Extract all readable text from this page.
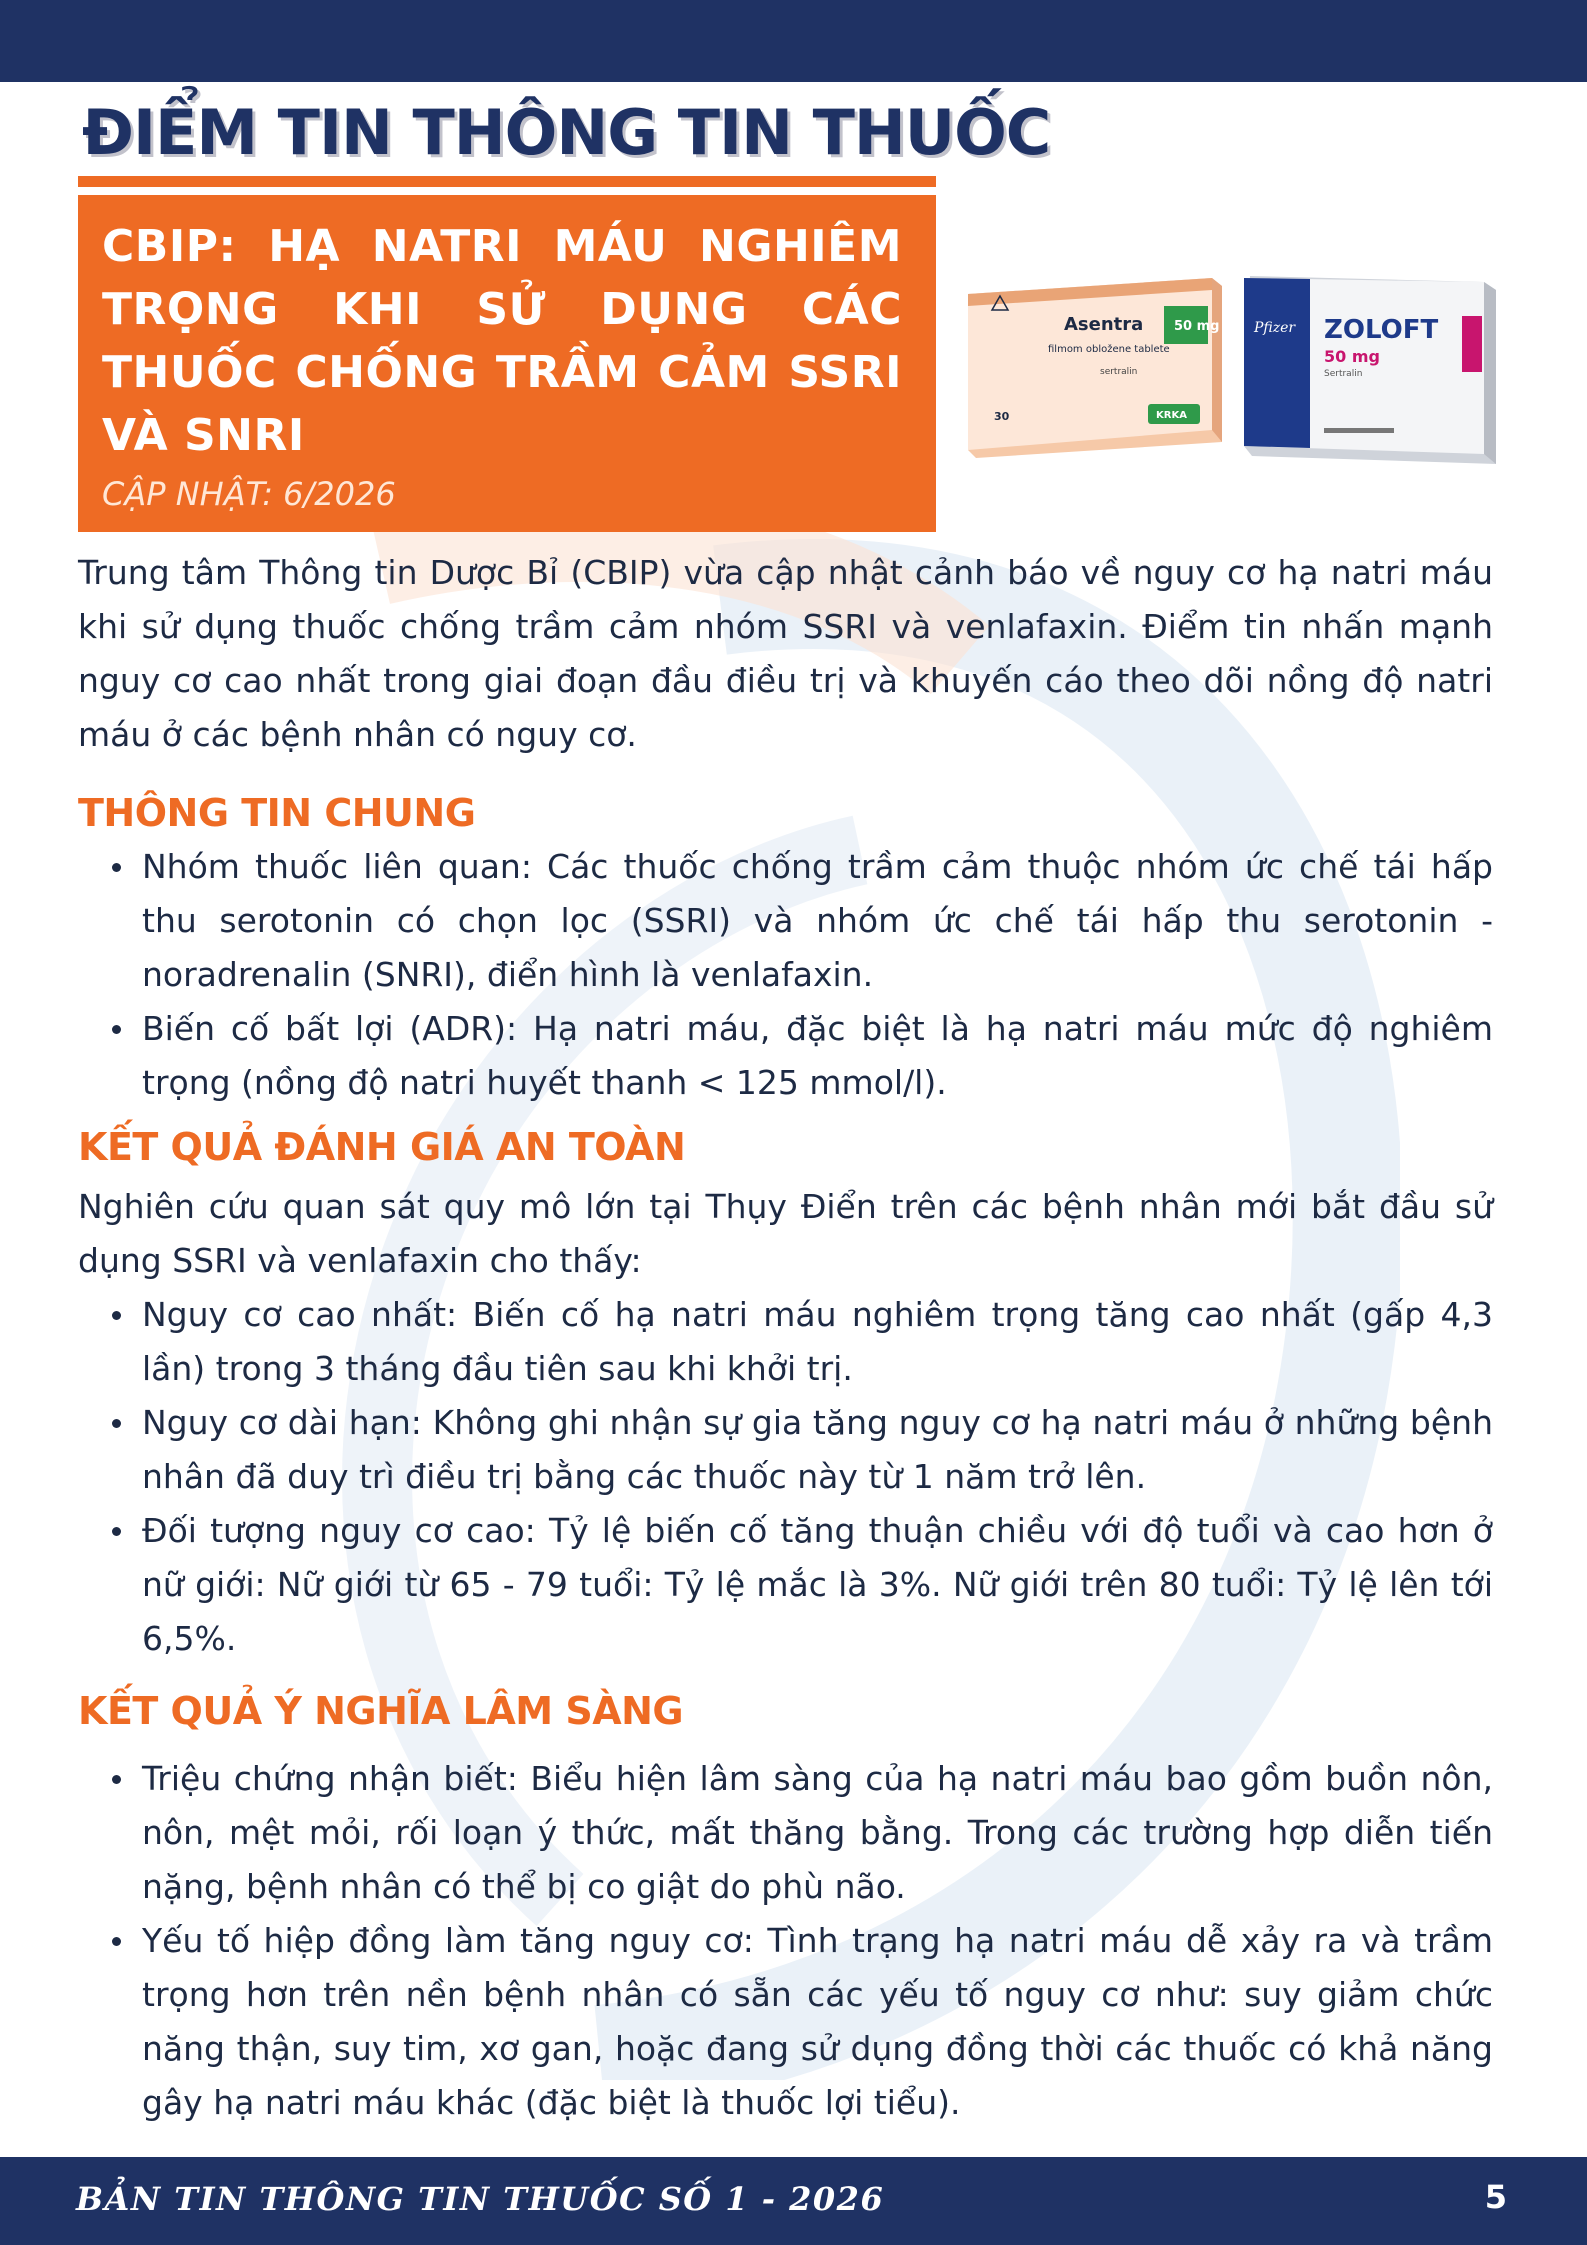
ĐIỂM TIN THÔNG TIN THUỐC
CBIP: HẠ NATRI MÁU NGHIÊM TRỌNG KHI SỬ DỤNG CÁC THUỐC CHỐNG TRẦM CẢM SSRI VÀ SNRI
CẬP NHẬT: 6/2026
50 mg
Asentra
filmom obložene tablete
sertralin
30	KRKA
Pfizer ZOLOFT
50 mg
Sertralin

Trung tâm Thông tin Dược Bỉ (CBIP) vừa cập nhật cảnh báo về nguy cơ hạ natri máu khi sử dụng thuốc chống trầm cảm nhóm SSRI và venlafaxin. Điểm tin nhấn mạnh nguy cơ cao nhất trong giai đoạn đầu điều trị và khuyến cáo theo dõi nồng độ natri máu ở các bệnh nhân có nguy cơ.

THÔNG TIN CHUNG
Nhóm thuốc liên quan: Các thuốc chống trầm cảm thuộc nhóm ức chế tái hấp thu serotonin có chọn lọc (SSRI) và nhóm ức chế tái hấp thu serotonin - noradrenalin (SNRI), điển hình là venlafaxin.
Biến cố bất lợi (ADR): Hạ natri máu, đặc biệt là hạ natri máu mức độ nghiêm trọng (nồng độ natri huyết thanh < 125 mmol/l).
KẾT QUẢ ĐÁNH GIÁ AN TOÀN

Nghiên cứu quan sát quy mô lớn tại Thụy Điển trên các bệnh nhân mới bắt đầu sử dụng SSRI và venlafaxin cho thấy:

Nguy cơ cao nhất: Biến cố hạ natri máu nghiêm trọng tăng cao nhất (gấp 4,3 lần) trong 3 tháng đầu tiên sau khi khởi trị.
Nguy cơ dài hạn: Không ghi nhận sự gia tăng nguy cơ hạ natri máu ở những bệnh nhân đã duy trì điều trị bằng các thuốc này từ 1 năm trở lên.
Đối tượng nguy cơ cao: Tỷ lệ biến cố tăng thuận chiều với độ tuổi và cao hơn ở nữ giới: Nữ giới từ 65 - 79 tuổi: Tỷ lệ mắc là 3%. Nữ giới trên 80 tuổi: Tỷ lệ lên tới 6,5%.
KẾT QUẢ Ý NGHĨA LÂM SÀNG
Triệu chứng nhận biết: Biểu hiện lâm sàng của hạ natri máu bao gồm buồn nôn, nôn, mệt mỏi, rối loạn ý thức, mất thăng bằng. Trong các trường hợp diễn tiến nặng, bệnh nhân có thể bị co giật do phù não.
Yếu tố hiệp đồng làm tăng nguy cơ: Tình trạng hạ natri máu dễ xảy ra và trầm trọng hơn trên nền bệnh nhân có sẵn các yếu tố nguy cơ như: suy giảm chức năng thận, suy tim, xơ gan, hoặc đang sử dụng đồng thời các thuốc có khả năng gây hạ natri máu khác (đặc biệt là thuốc lợi tiểu).
BẢN TIN THÔNG TIN THUỐC SỐ 1 - 2026	5
